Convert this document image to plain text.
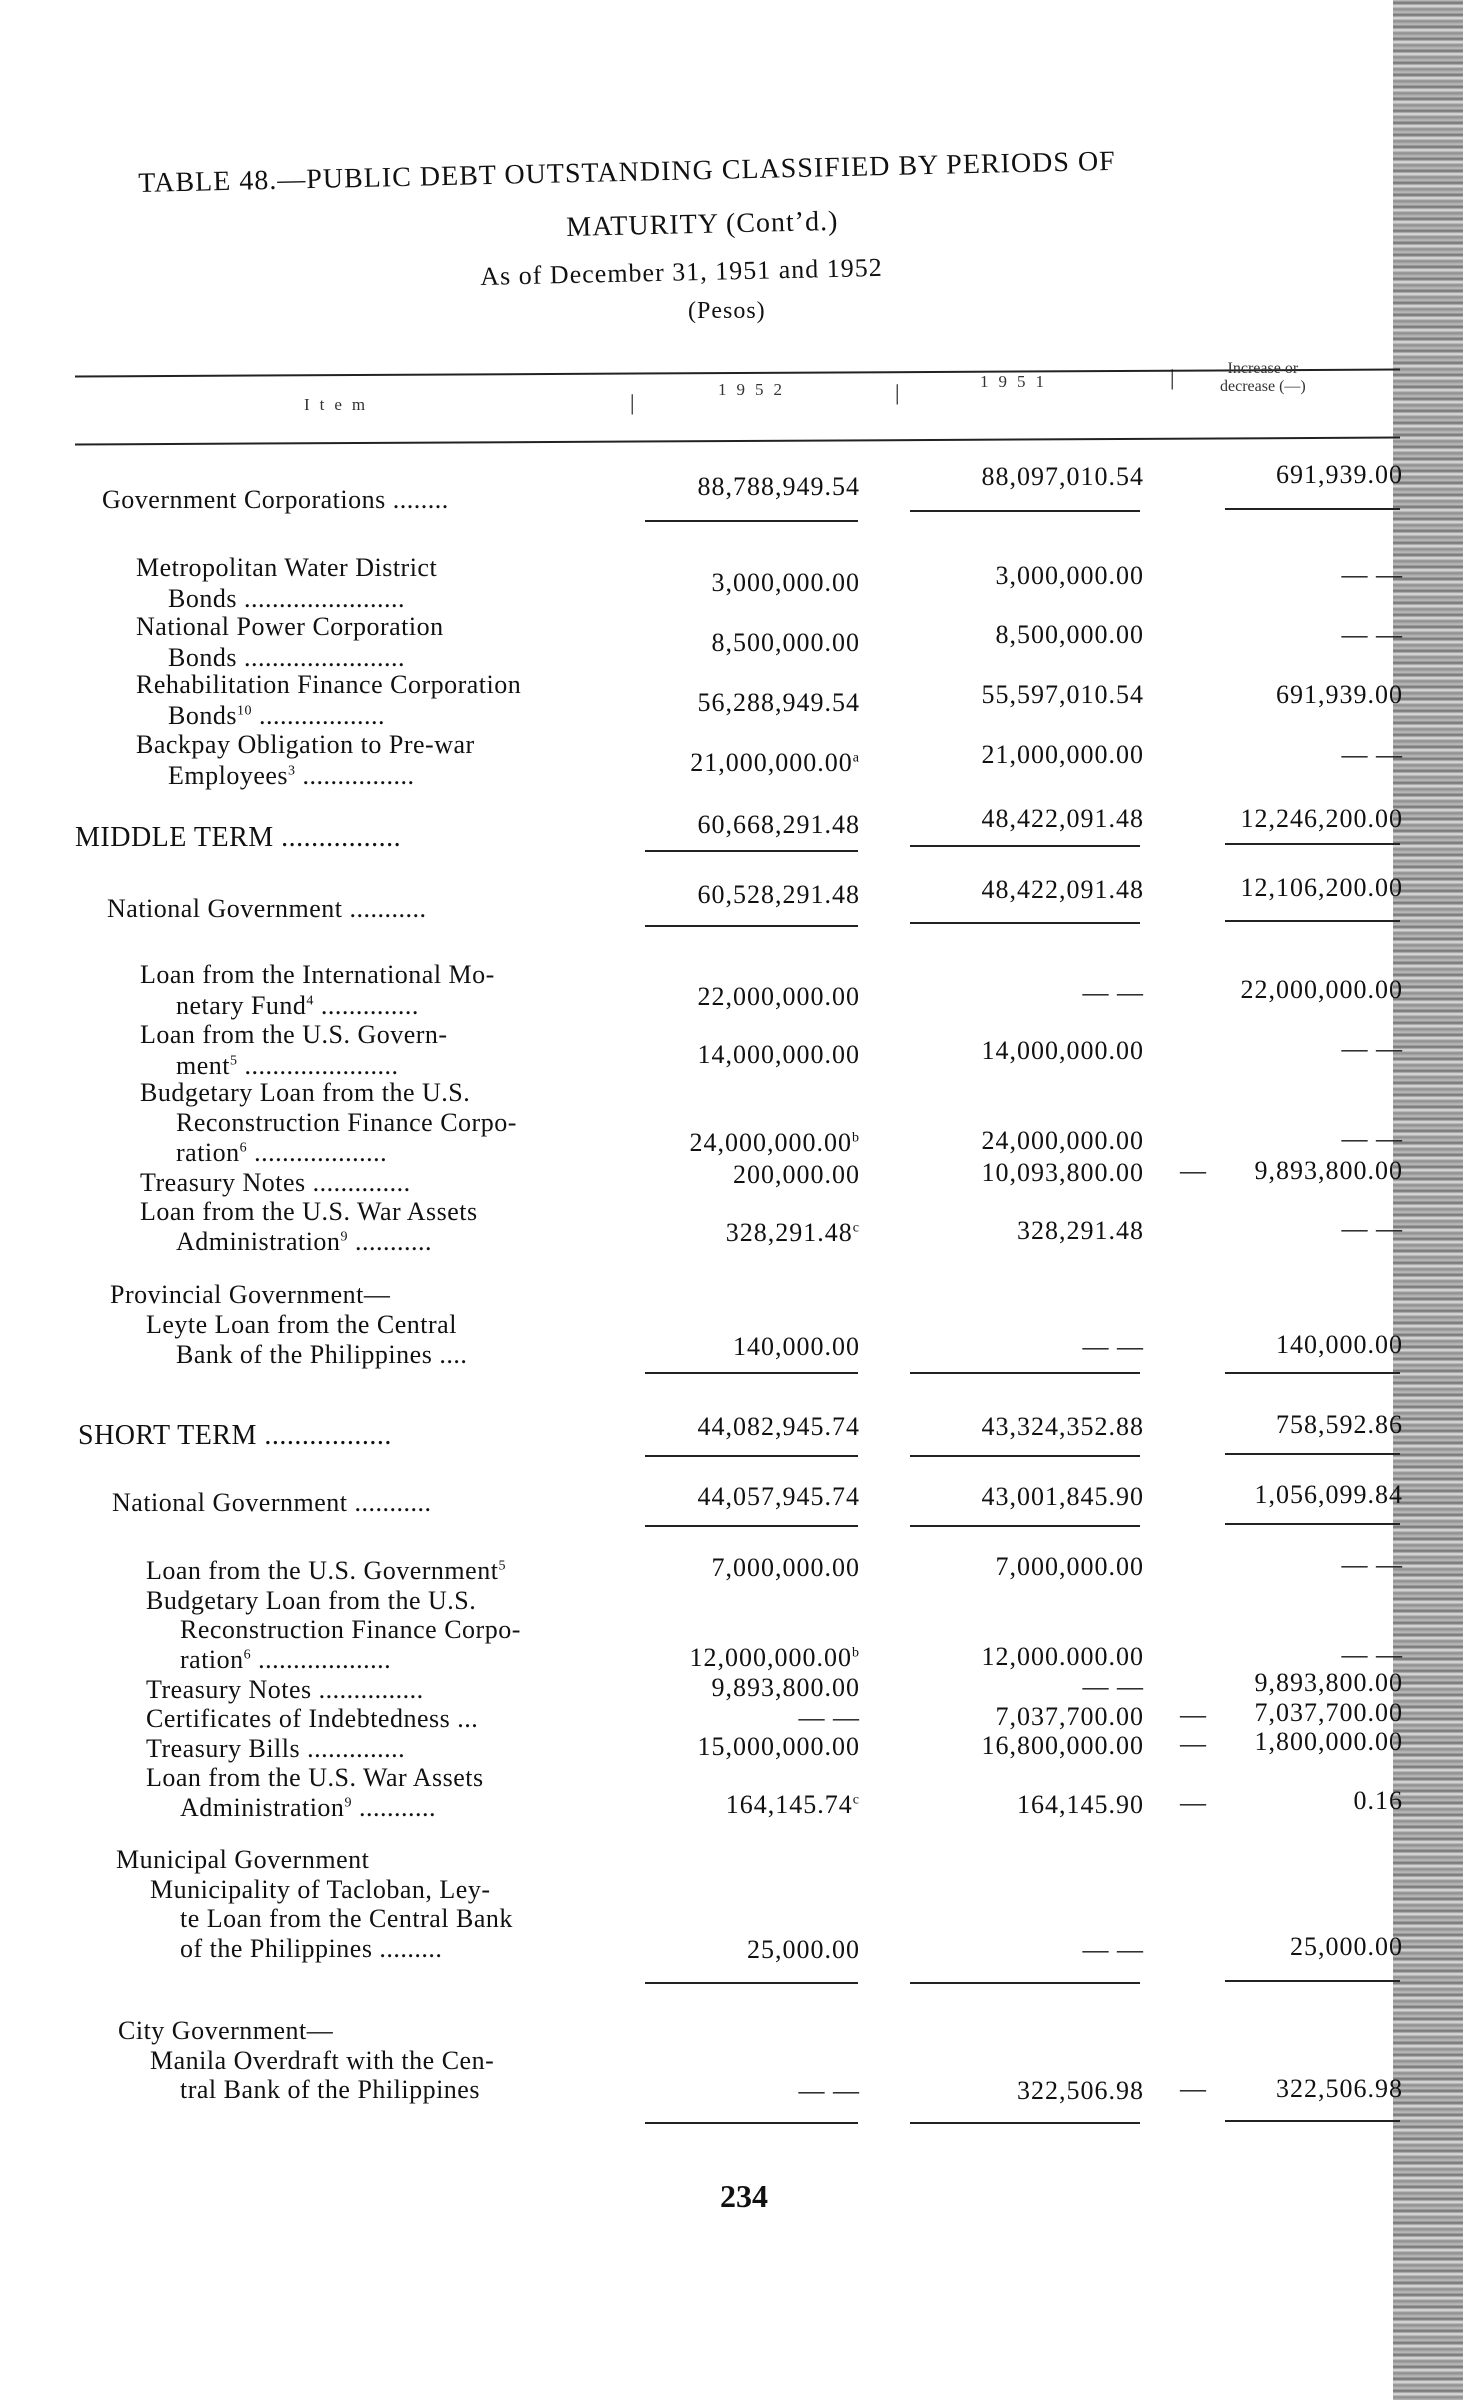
TABLE 48.—PUBLIC DEBT OUTSTANDING CLASSIFIED BY PERIODS OF
MATURITY (Cont’d.)
As of December 31, 1951 and 1952
(Pesos)
Item	|
1952	|	1951	|	Increase or
decrease (—)
Government Corporations ........	88,788,949.54	88,097,010.54	691,939.00
Metropolitan Water District
Bonds .......................
3,000,000.00	3,000,000.00	— —
National Power Corporation
Bonds .......................
8,500,000.00	8,500,000.00	— —
Rehabilitation Finance Corporation
Bonds$^{10}$ ..................	56,288,949.54	55,597,010.54	691,939.00
Backpay Obligation to Pre-war
Employees$^3$ ................	21,000,000.00$^a$	21,000,000.00	— —
MIDDLE TERM ................	60,668,291.48	48,422,091.48	12,246,200.00
National Government ...........	60,528,291.48	48,422,091.48	12,106,200.00
Loan from the International Mo-
netary Fund$^4$ ..............	22,000,000.00	— —	22,000,000.00
Loan from the U.S. Govern-
ment$^5$ ......................	14,000,000.00	14,000,000.00	— —
Budgetary Loan from the U.S.
Reconstruction Finance Corpo-
ration$^6$ ...................	24,000,000.00$^b$	24,000,000.00	— —
Treasury Notes ..............	200,000.00	10,093,800.00 — 9,893,800.00
Loan from the U.S. War Assets
Administration$^9$ ...........	328,291.48$^c$	328,291.48	— —
Provincial Government—
Leyte Loan from the Central
Bank of the Philippines ....	140,000.00	— —	140,000.00
SHORT TERM .................	44,082,945.74	43,324,352.88	758,592.86
National Government ...........	44,057,945.74	43,001,845.90	1,056,099.84
Loan from the U.S. Government$^5$	7,000,000.00	7,000,000.00	— —
Budgetary Loan from the U.S.
Reconstruction Finance Corpo-
ration$^6$ ...................	12,000,000.00$^b$	12,000.000.00	— —
Treasury Notes ...............	9,893,800.00	— —	9,893,800.00
Certificates of Indebtedness ...	— —	7,037,700.00 — 7,037,700.00
Treasury Bills ..............	15,000,000.00	16,800,000.00 — 1,800,000.00
Loan from the U.S. War Assets
Administration$^9$ ...........	164,145.74$^c$	164,145.90 —	0.16
Municipal Government
Municipality of Tacloban, Ley-
te Loan from the Central Bank
of the Philippines .........	25,000.00	— —	25,000.00
City Government—
Manila Overdraft with the Cen-
tral Bank of the Philippines	— —	322,506.98 —	322,506.98
234
